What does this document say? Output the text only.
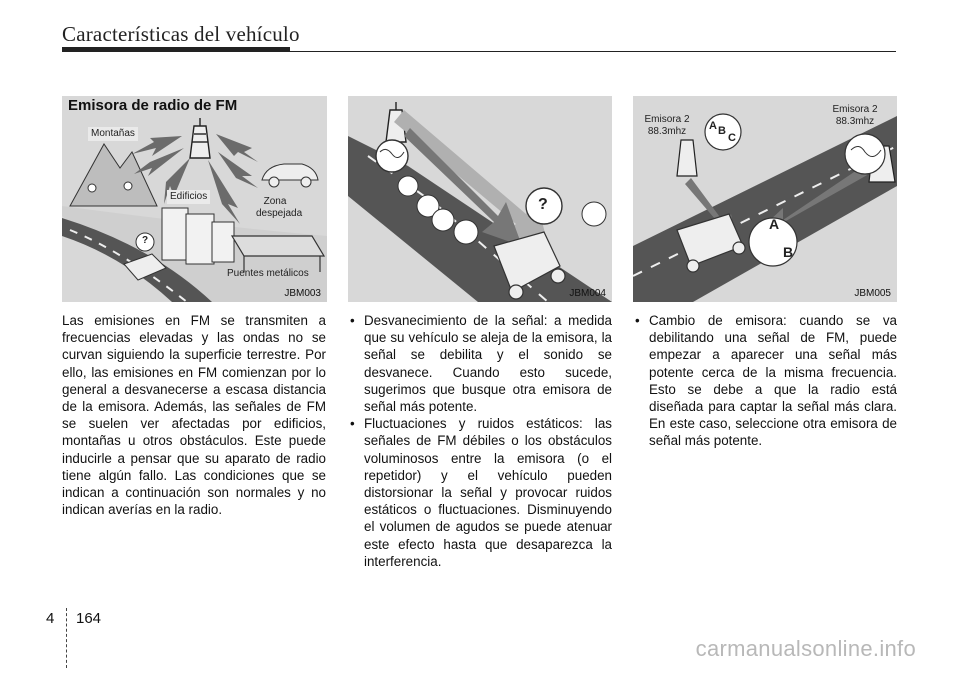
Características del vehículo
Emisora de radio de FM
Montañas
Edificios	Zona
despejada
Puentes metálicos
?
JBM003
?
JBM004
Emisora 2
88.3mhz
Emisora 2
88.3mhz
A B
C
A
B
JBM005
Las emisiones en FM se transmiten a frecuencias elevadas y las ondas no se curvan siguiendo la superficie terrestre. Por ello, las emisiones en FM comienzan por lo general a desvanecerse a escasa distancia de la emisora. Además, las señales de FM se suelen ver afectadas por edificios, montañas u otros obstáculos. Este puede inducirle a pensar que su aparato de radio tiene algún fallo. Las condiciones que se indican a continuación son normales y no indican averías en la radio.
• Desvanecimiento de la señal: a medida que su vehículo se aleja de la emisora, la señal se debilita y el sonido se desvanece. Cuando esto sucede, sugerimos que busque otra emisora de señal más potente.
• Fluctuaciones y ruidos estáticos: las señales de FM débiles o los obstáculos voluminosos entre la emisora (o el repetidor) y el vehículo pueden distorsionar la señal y provocar ruidos estáticos o fluctuaciones. Disminuyendo el volumen de agudos se puede atenuar este efecto hasta que desaparezca la interferencia.
• Cambio de emisora: cuando se va debilitando una señal de FM, puede empezar a aparecer una señal más potente cerca de la misma frecuencia. Esto se debe a que la radio está diseñada para captar la señal más clara. En este caso, seleccione otra emisora de señal más potente.
4 164
carmanualsonline.info
